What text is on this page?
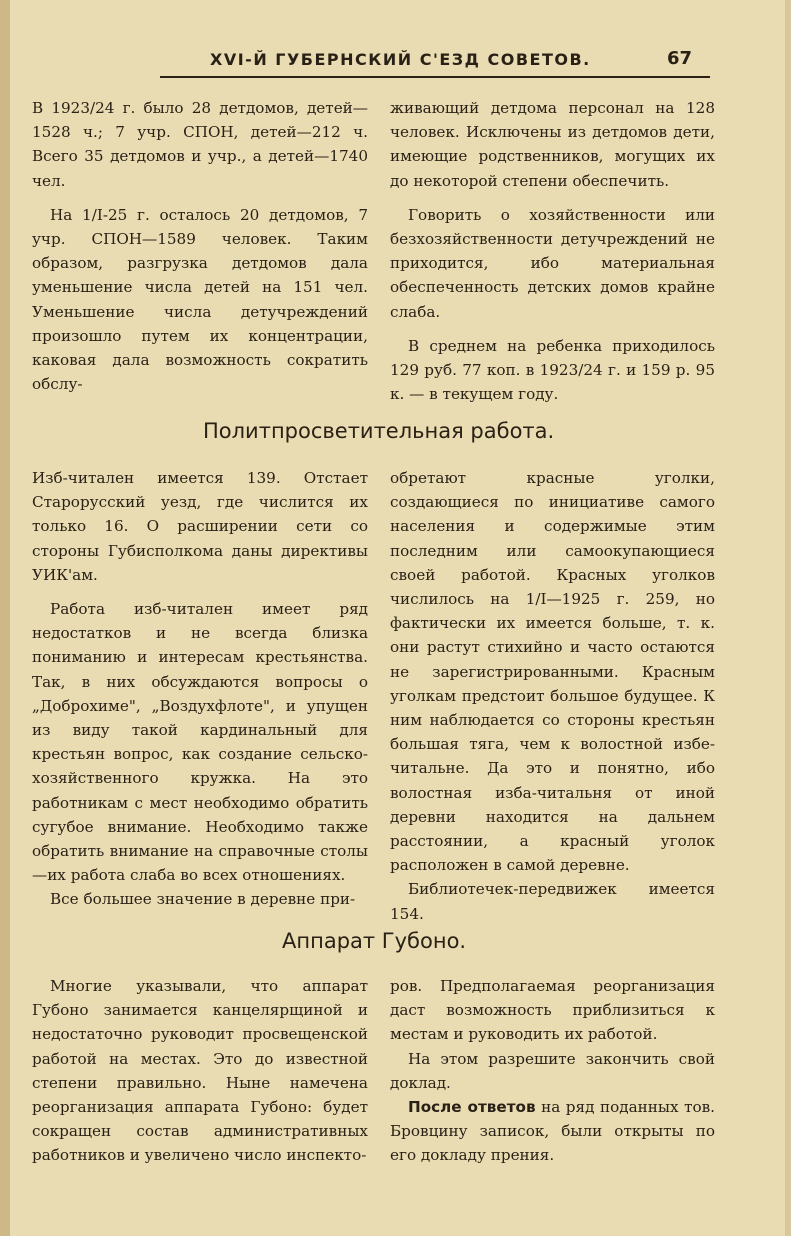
XVI-Й ГУБЕРНСКИЙ С'ЕЗД СОВЕТОВ.	67

В 1923/24 г. было 28 детдомов, детей—1528 ч.; 7 учр. СПОН, детей—212 ч. Всего 35 детдомов и учр., а детей—1740 чел.

На 1/I-25 г. осталось 20 детдомов, 7 учр. СПОН—1589 человек. Таким образом, разгрузка детдомов дала уменьшение числа детей на 151 чел. Уменьшение числа детучреждений произошло путем их концентрации, каковая дала возможность сократить обслу-

живающий детдома персонал на 128 человек. Исключены из детдомов дети, имеющие родственников, могущих их до некоторой степени обеспечить.

Говорить о хозяйственности или безхозяйственности детучреждений не приходится, ибо материальная обеспеченность детских домов крайне слаба.

В среднем на ребенка приходилось 129 руб. 77 коп. в 1923/24 г. и 159 р. 95 к. — в текущем году.

Политпросветительная работа.

Изб-читален имеется 139. Отстает Старорусский уезд, где числится их только 16. О расширении сети со стороны Губисполкома даны директивы УИК'ам.

Работа изб-читален имеет ряд недостатков и не всегда близка пониманию и интересам крестьянства. Так, в них обсуждаются вопросы о „Доброхиме", „Воздухфлоте", и упущен из виду такой кардинальный для крестьян вопрос, как создание сельско-хозяйственного кружка. На это работникам с мест необходимо обратить сугубое внимание. Необходимо также обратить внимание на справочные столы—их работа слаба во всех отношениях.

Все большее значение в деревне при-

обретают красные уголки, создающиеся по инициативе самого населения и содержимые этим последним или самоокупающиеся своей работой. Красных уголков числилось на 1/I—1925 г. 259, но фактически их имеется больше, т. к. они растут стихийно и часто остаются не зарегистрированными. Красным уголкам предстоит большое будущее. К ним наблюдается со стороны крестьян большая тяга, чем к волостной избе-читальне. Да это и понятно, ибо волостная изба-читальня от иной деревни находится на дальнем расстоянии, а красный уголок расположен в самой деревне.

Библиотечек-передвижек имеется 154.

Аппарат Губоно.

Многие указывали, что аппарат Губоно занимается канцелярщиной и недостаточно руководит просвещенской работой на местах. Это до известной степени правильно. Ныне намечена реорганизация аппарата Губоно: будет сокращен состав административных работников и увеличено число инспекто-

ров. Предполагаемая реорганизация даст возможность приблизиться к местам и руководить их работой.

На этом разрешите закончить свой доклад.

После ответов на ряд поданных тов. Бровцину записок, были открыты по его докладу прения.
